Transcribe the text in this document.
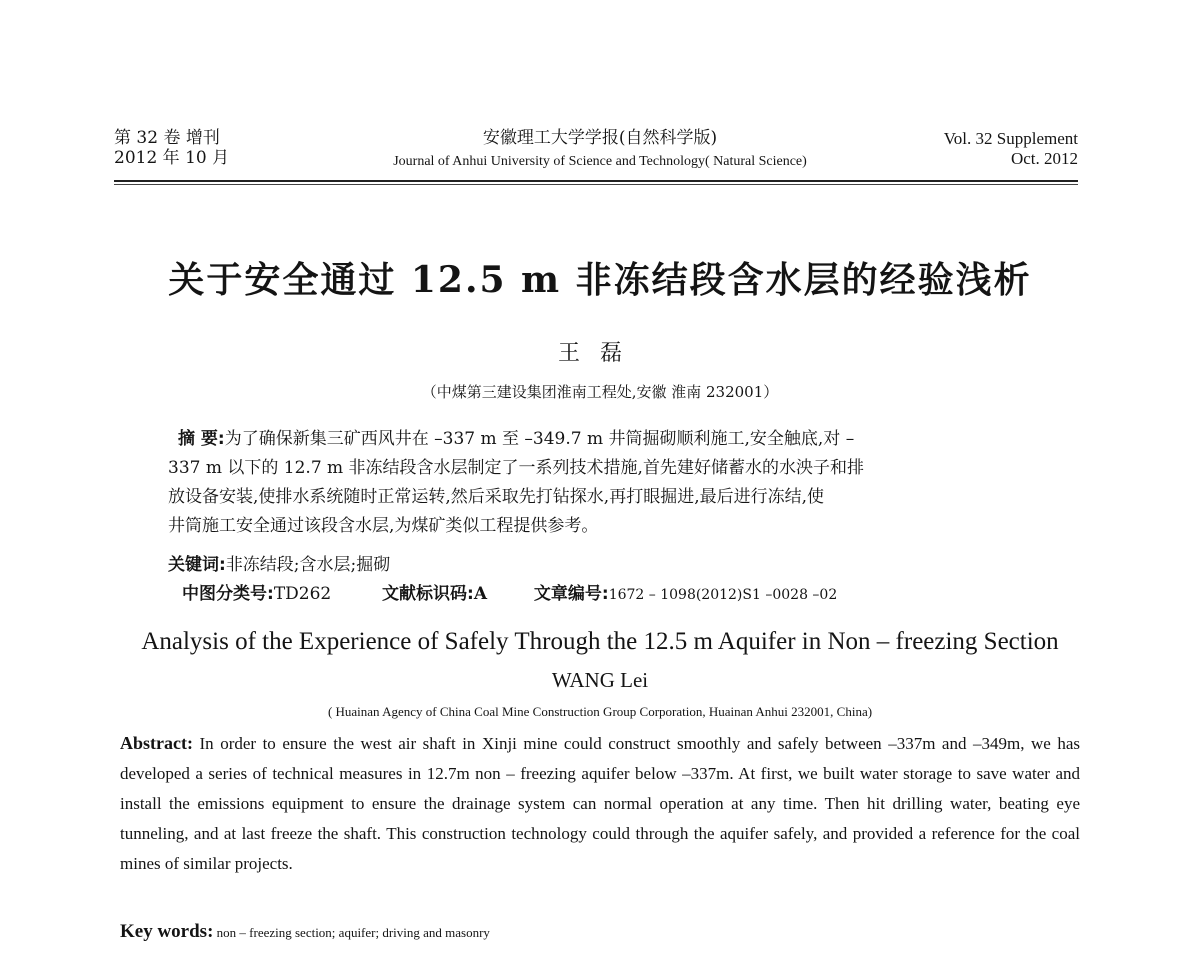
第 32 卷 增刊
2012 年 10 月
安徽理工大学学报(自然科学版)
Journal of Anhui University of Science and Technology( Natural Science)
Vol. 32 Supplement
Oct. 2012
关于安全通过 12.5 m 非冻结段含水层的经验浅析
王磊
（中煤第三建设集团淮南工程处,安徽 淮南 232001）
摘 要:为了确保新集三矿西风井在 –337 m 至 –349.7 m 井筒掘砌顺利施工,安全触底,对 –
337 m 以下的 12.7 m 非冻结段含水层制定了一系列技术措施,首先建好储蓄水的水泱子和排
放设备安装,使排水系统随时正常运转,然后采取先打钻探水,再打眼掘进,最后进行冻结,使
井筒施工安全通过该段含水层,为煤矿类似工程提供参考。
关键词:非冻结段;含水层;掘砌
中图分类号:TD262	文献标识码:A	文章编号:1672 – 1098(2012)S1 –0028 –02
Analysis of the Experience of Safely Through the 12.5 m Aquifer in Non – freezing Section
WANG Lei
( Huainan Agency of China Coal Mine Construction Group Corporation, Huainan Anhui 232001, China)
Abstract: In order to ensure the west air shaft in Xinji mine could construct smoothly and safely between –337m and –349m, we has developed a series of technical measures in 12.7m non – freezing aquifer below –337m. At first, we built water storage to save water and install the emissions equipment to ensure the drainage system can normal operation at any time. Then hit drilling water, beating eye tunneling, and at last freeze the shaft. This construction technology could through the aquifer safely, and provided a reference for the coal mines of similar projects.
Key words: non – freezing section; aquifer; driving and masonry
